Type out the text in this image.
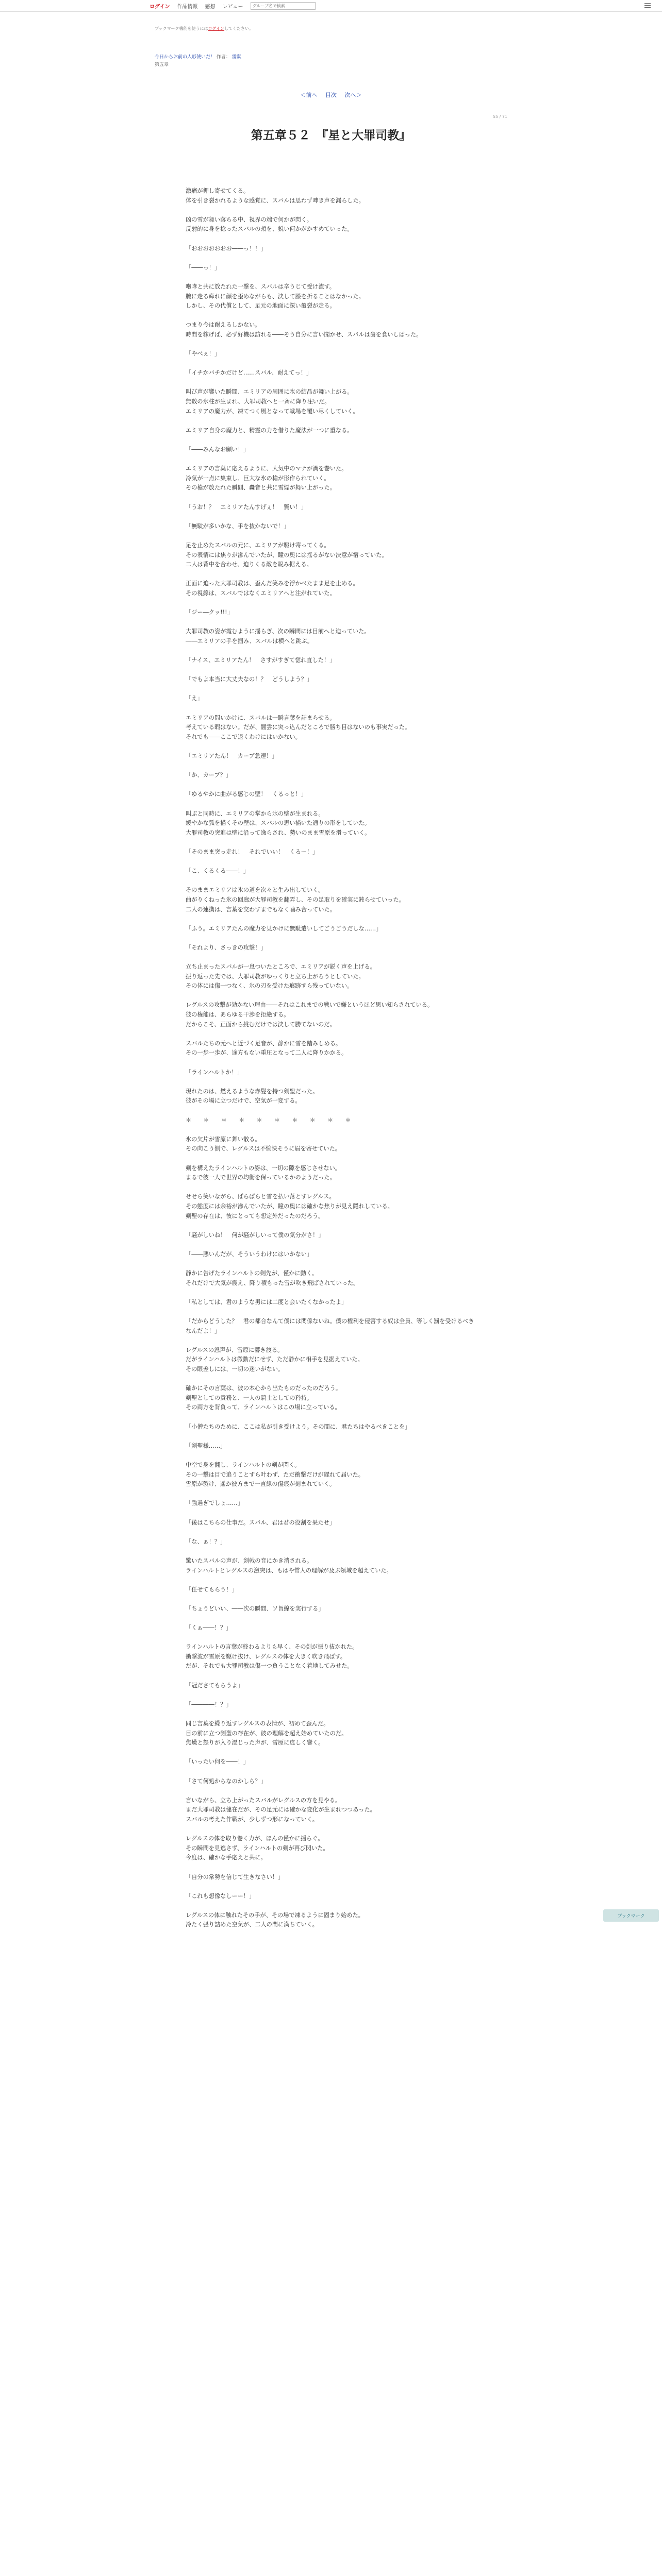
ログイン 作品情報 感想 レビュー
グループ名で検索
ブックマーク機能を使うにはログインしてください。
今日からお前の人形使いだ！ 作者： 雷獣
第五章
＜前へ 目次 次へ＞
55 / 71
第五章５２　『星と大罪司教』

激痛が押し寄せてくる。
体を引き裂かれるような感覚に、スバルは思わず呻き声を漏らした。

凶の雪が舞い落ちる中、視界の端で何かが閃く。
反射的に身を捻ったスバルの頬を、鋭い何かがかすめていった。

「おおおおおおお――っ！！」

「――っ！」

咆哮と共に放たれた一撃を、スバルは辛うじて受け流す。
腕に走る痺れに顔を歪めながらも、決して膝を折ることはなかった。
しかし、その代償として、足元の地面に深い亀裂が走る。

つまり今は耐えるしかない。
時間を稼げば、必ず好機は訪れる――そう自分に言い聞かせ、スバルは歯を食いしばった。

「やべぇ！」

「イチかバチかだけど……スバル、耐えてっ！」

叫び声が響いた瞬間、エミリアの周囲に氷の結晶が舞い上がる。
無数の氷柱が生まれ、大罪司教へと一斉に降り注いだ。
エミリアの魔力が、凍てつく風となって戦場を覆い尽くしていく。

エミリア自身の魔力と、精霊の力を借りた魔法が一つに重なる。

「――みんなお願い！」

エミリアの言葉に応えるように、大気中のマナが渦を巻いた。
冷気が一点に集束し、巨大な氷の槍が形作られていく。
その槍が放たれた瞬間、轟音と共に雪煙が舞い上がった。

「うお！？　エミリアたんすげぇ！　賢い！」

「無駄が多いかな、手を抜かないで！」

足を止めたスバルの元に、エミリアが駆け寄ってくる。
その表情には焦りが滲んでいたが、瞳の奥には揺るがない決意が宿っていた。
二人は背中を合わせ、迫りくる敵を睨み据える。

正面に迫った大罪司教は、歪んだ笑みを浮かべたまま足を止める。
その視線は、スバルではなくエミリアへと注がれていた。

「ジー―クッ!!!」

大罪司教の姿が霞むように揺らぎ、次の瞬間には目前へと迫っていた。
――エミリアの手を掴み、スバルは横へと跳ぶ。

「ナイス、エミリアたん！　さすがすぎて惚れ直した！」

「でもよ本当に大丈夫なの！？　どうしよう？」

「え」

エミリアの問いかけに、スバルは一瞬言葉を詰まらせる。
考えている暇はない。だが、闇雲に突っ込んだところで勝ち目はないのも事実だった。
それでも――ここで退くわけにはいかない。

「エミリアたん！　カーブ急速！」

「か、カーブ？」

「ゆるやかに曲がる感じの壁！　くるっと！」

叫ぶと同時に、エミリアの掌から氷の壁が生まれる。
緩やかな弧を描くその壁は、スバルの思い描いた通りの形をしていた。
大罪司教の突進は壁に沿って逸らされ、勢いのまま雪原を滑っていく。

「そのまま突っ走れ！　それでいい！　くるー！」

「こ、くるくる――！」

そのままエミリアは氷の道を次々と生み出していく。
曲がりくねった氷の回廊が大罪司教を翻弄し、その足取りを確実に鈍らせていった。
二人の連携は、言葉を交わすまでもなく噛み合っていた。

「ふう。エミリアたんの魔力を見かけに無駄遣いしてごうごうだしな……」

「それより、さっきの攻撃！」

立ち止まったスバルが一息ついたところで、エミリアが鋭く声を上げる。
振り返った先では、大罪司教がゆっくりと立ち上がろうとしていた。
その体には傷一つなく、氷の刃を受けた痕跡すら残っていない。

レグルスの攻撃が効かない理由――それはこれまでの戦いで嫌というほど思い知らされている。
彼の権能は、あらゆる干渉を拒絶する。
だからこそ、正面から挑むだけでは決して勝てないのだ。

スバルたちの元へと近づく足音が、静かに雪を踏みしめる。
その一歩一歩が、途方もない重圧となって二人に降りかかる。

「ラインハルトか！」

現れたのは、燃えるような赤髪を持つ剣聖だった。
彼がその場に立つだけで、空気が一変する。

＊　＊　＊　＊　＊　＊　＊　＊　＊　＊

氷の欠片が雪原に舞い散る。
その向こう側で、レグルスは不愉快そうに眉を寄せていた。

剣を構えたラインハルトの姿は、一切の隙を感じさせない。
まるで彼一人で世界の均衡を保っているかのようだった。

せせら笑いながら、ぱらぱらと雪を払い落とすレグルス。
その態度には余裕が滲んでいたが、瞳の奥には確かな焦りが見え隠れしている。
剣聖の存在は、彼にとっても想定外だったのだろう。

「騒がしいね！　何が騒がしいって僕の気分がさ！」

「――悪いんだが、そういうわけにはいかない」

静かに告げたラインハルトの剣先が、僅かに動く。
それだけで大気が震え、降り積もった雪が吹き飛ばされていった。

「私としては、君のような男には二度と会いたくなかったよ」

「だからどうした？　君の都合なんて僕には関係ないね。僕の権利を侵害する奴は全員、等しく罰を受けるべきなんだよ！」

レグルスの怒声が、雪原に響き渡る。
だがラインハルトは微動だにせず、ただ静かに相手を見据えていた。
その眼差しには、一切の迷いがない。

確かにその言葉は、彼の本心から出たものだったのだろう。
剣聖としての責務と、一人の騎士としての矜持。
その両方を背負って、ラインハルトはこの場に立っている。

「小僧たちのために、ここは私が引き受けよう。その間に、君たちはやるべきことを」

「剣聖様……」

中空で身を翻し、ラインハルトの剣が閃く。
その一撃は目で追うことすら叶わず、ただ衝撃だけが遅れて届いた。
雪原が裂け、遥か彼方まで一直線の傷痕が刻まれていく。

「強過ぎでしょ……」

「後はこちらの仕事だ。スバル、君は君の役割を果たせ」

「な、ぁ！？」

驚いたスバルの声が、剣戟の音にかき消される。
ラインハルトとレグルスの激突は、もはや常人の理解が及ぶ領域を超えていた。

「任せてもらう！」

「ちょうどいい、――次の瞬間、ソ旨線を実行する」

「くぁ――！？」

ラインハルトの言葉が終わるよりも早く、その剣が振り抜かれた。
衝撃波が雪原を駆け抜け、レグルスの体を大きく吹き飛ばす。
だが、それでも大罪司教は傷一つ負うことなく着地してみせた。

「冠ださてもらうよ」

「――――！？」

同じ言葉を繰り返すレグルスの表情が、初めて歪んだ。
目の前に立つ剣聖の存在が、彼の理解を超え始めていたのだ。
焦燥と怒りが入り混じった声が、雪原に虚しく響く。

「いったい何を――！」

「さて何処からなのかしら？」

言いながら、立ち上がったスバルがレグルスの方を見やる。
まだ大罪司教は健在だが、その足元には確かな変化が生まれつつあった。
スバルの考えた作戦が、少しずつ形になっていく。

レグルスの体を取り巻く力が、ほんの僅かに揺らぐ。
その瞬間を見逃さず、ラインハルトの剣が再び閃いた。
今度は、確かな手応えと共に。

「自分の常勢を信じて生きなさい！」

「これも想像なしーー！」

レグルスの体に触れたその手が、その場で凍るように固まり始めた。
冷たく張り詰めた空気が、二人の間に満ちていく。

ブックマーク
